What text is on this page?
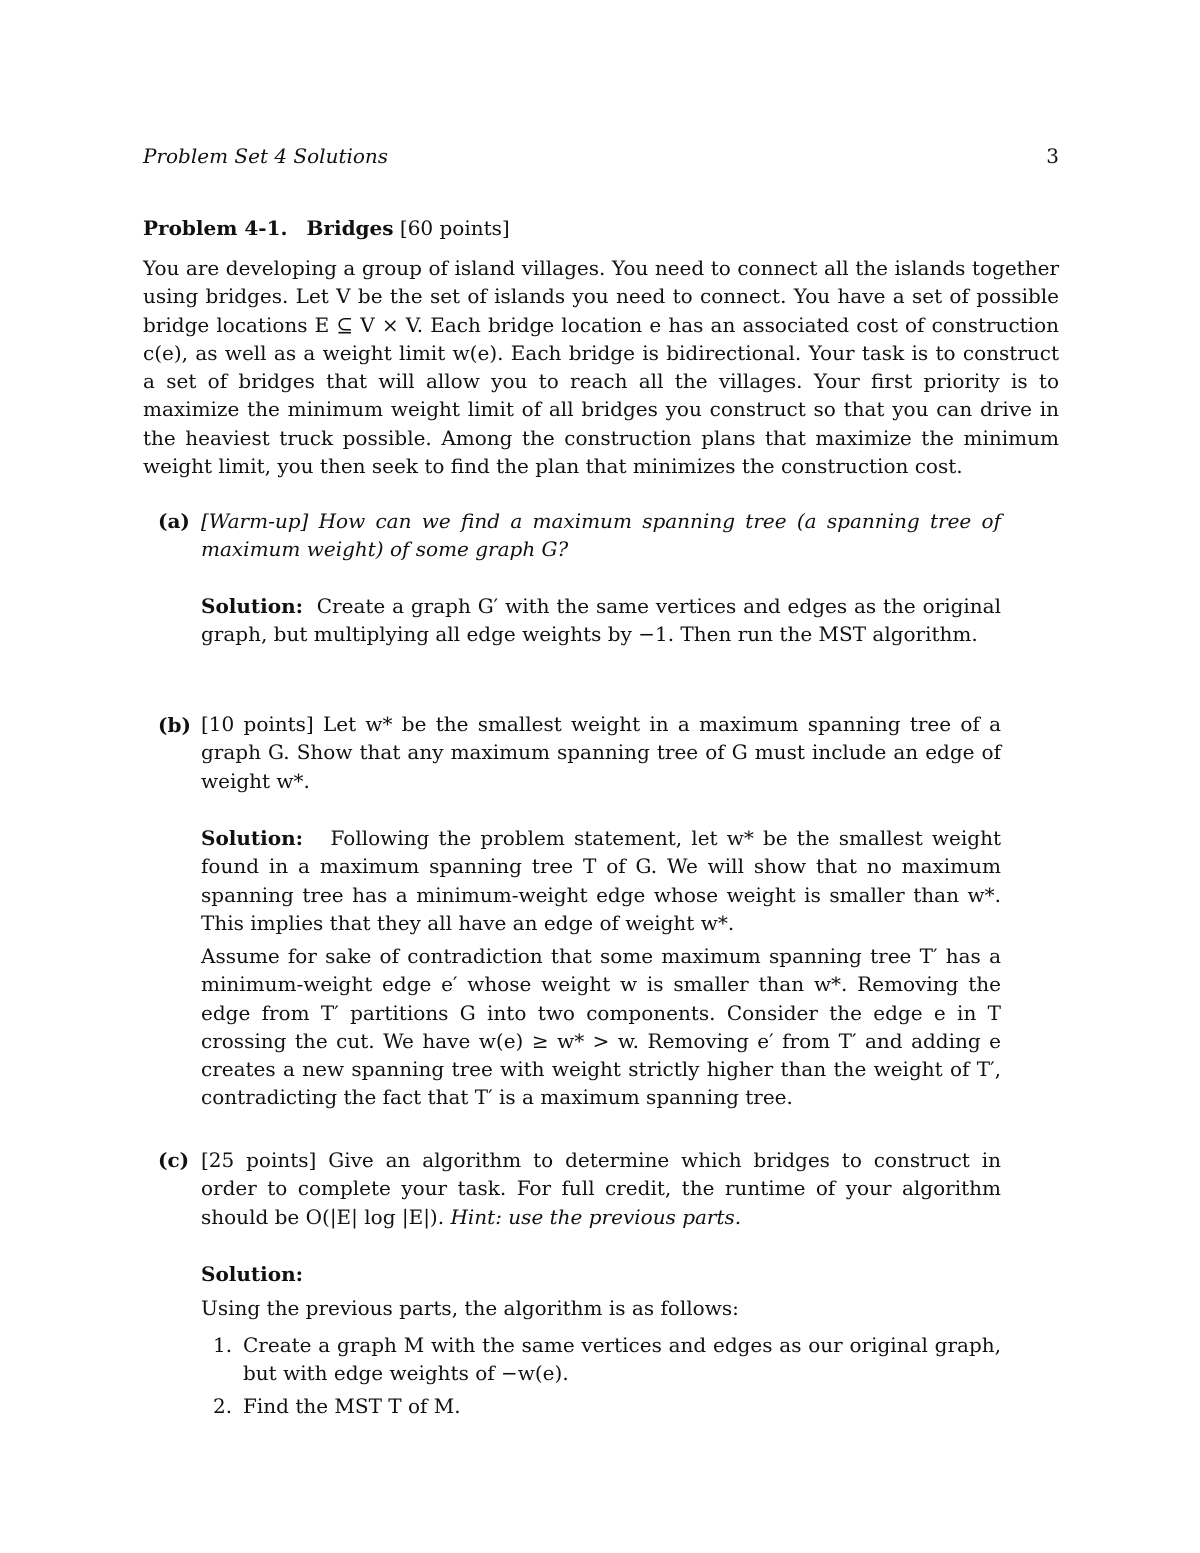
Problem Set 4 Solutions	3
Problem 4-1. Bridges [60 points]
You are developing a group of island villages. You need to connect all the islands together using bridges. Let V be the set of islands you need to connect. You have a set of possible bridge locations E ⊆ V × V. Each bridge location e has an associated cost of construction c(e), as well as a weight limit w(e). Each bridge is bidirectional. Your task is to construct a set of bridges that will allow you to reach all the villages. Your first priority is to maximize the minimum weight limit of all bridges you construct so that you can drive in the heaviest truck possible. Among the construction plans that maximize the minimum weight limit, you then seek to find the plan that minimizes the construction cost.
(a) [Warm-up] How can we find a maximum spanning tree (a spanning tree of maximum weight) of some graph G?
Solution: Create a graph G′ with the same vertices and edges as the original graph, but multiplying all edge weights by −1. Then run the MST algorithm.
(b) [10 points] Let w* be the smallest weight in a maximum spanning tree of a graph G. Show that any maximum spanning tree of G must include an edge of weight w*.
Solution: Following the problem statement, let w* be the smallest weight found in a maximum spanning tree T of G. We will show that no maximum spanning tree has a minimum-weight edge whose weight is smaller than w*. This implies that they all have an edge of weight w*.
Assume for sake of contradiction that some maximum spanning tree T′ has a minimum-weight edge e′ whose weight w is smaller than w*. Removing the edge from T′ partitions G into two components. Consider the edge e in T crossing the cut. We have w(e) ≥ w* > w. Removing e′ from T′ and adding e creates a new spanning tree with weight strictly higher than the weight of T′, contradicting the fact that T′ is a maximum spanning tree.
(c) [25 points] Give an algorithm to determine which bridges to construct in order to complete your task. For full credit, the runtime of your algorithm should be O(|E| log |E|). Hint: use the previous parts.
Solution:
Using the previous parts, the algorithm is as follows:
1. Create a graph M with the same vertices and edges as our original graph, but with edge weights of −w(e).
2. Find the MST T of M.
